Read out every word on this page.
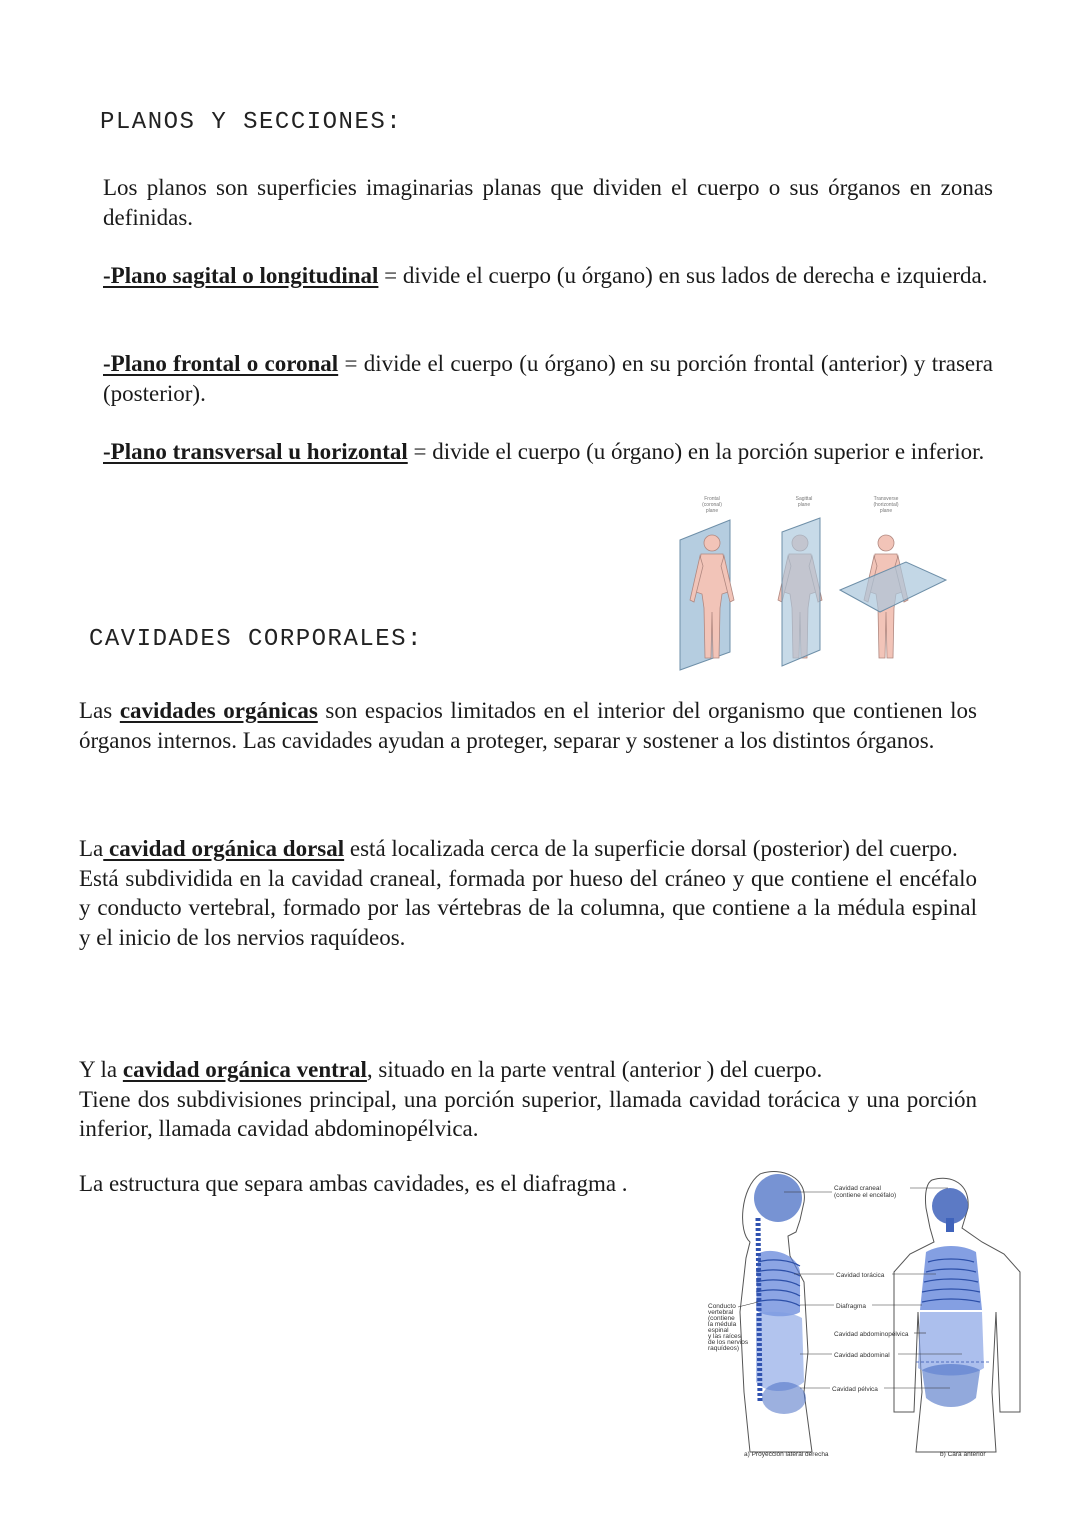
PLANOS Y SECCIONES:

Los planos son superficies imaginarias planas que dividen el cuerpo o sus órganos en zonas definidas.

-Plano sagital o longitudinal = divide el cuerpo (u órgano) en sus lados de derecha e izquierda.

-Plano frontal o coronal = divide el cuerpo (u órgano) en su porción frontal (anterior) y trasera (posterior).

-Plano transversal u horizontal = divide el cuerpo (u órgano) en la porción superior e inferior.

Frontal
(coronal)
plane
Sagittal
plane
Transverse
(horizontal)
plane
CAVIDADES CORPORALES:

Las cavidades orgánicas son espacios limitados en el interior del organismo que contienen los órganos internos. Las cavidades ayudan a proteger, separar y sostener a los distintos órganos.

La cavidad orgánica dorsal está localizada cerca de la superficie dorsal (posterior) del cuerpo.

Está subdividida en la cavidad craneal, formada por hueso del cráneo y que contiene el encéfalo y conducto vertebral, formado por las vértebras de la columna, que contiene a la médula espinal y el inicio de los nervios raquídeos.

Y la cavidad orgánica ventral, situado en la parte ventral (anterior ) del cuerpo.

Tiene dos subdivisiones principal, una porción superior, llamada cavidad torácica y una porción inferior, llamada cavidad abdominopélvica.

La estructura que separa ambas cavidades, es el diafragma .

Conducto
vertebral
(contiene
la médula
espinal
y las raíces
de los nervios
raquídeos)
Cavidad craneal
(contiene el encéfalo)
Cavidad torácica
Diafragma
Cavidad abdominopélvica
Cavidad abdominal
Cavidad pélvica
a) Proyección lateral derecha	b) Cara anterior
